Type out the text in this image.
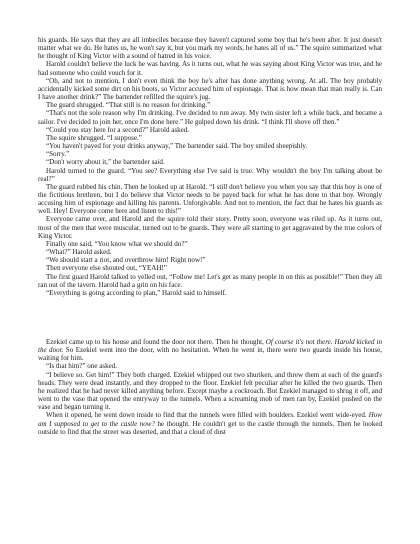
his guards. He says that they are all imbeciles because they haven't captured some boy that he's been after. It just doesn't matter what we do. He hates us, he won't say it, but you mark my words, he hates all of us.” The squire summarized what he thought of King Victor with a sound of hatred in his voice.

Harold couldn't believe the luck he was having. As it turns out, what he was saying about King Victor was true, and he had someone who could vouch for it.

“Oh, and not to mention, I don't even think the boy he's after has done anything wrong. At all. The boy probably accidentally kicked some dirt on his boots, so Victor accused him of espionage. That is how mean that man really is. Can I have another drink?” The bartender refilled the squire's jug.

The guard shrugged. “That still is no reason for drinking.”

“That's not the sole reason why I'm drinking. I've decided to run away. My twin sister left a while back, and became a sailor. I've decided to join her, once I'm done here.” He gulped down his drink. “I think I'll shove off then.”

“Could you stay here for a second?” Harold asked.

The squire shrugged. “I suppose.”

“You haven't payed for your drinks anyway,” The bartender said. The boy smiled sheepishly.

“Sorry.”

“Don't worry about it,” the bartender said.

Harold turned to the guard. “You see? Everything else I've said is true. Why wouldn't the boy I'm talking about be real?”

The guard rubbed his chin. Then he looked up at Harold. “I still don't believe you when you say that this boy is one of the fictitious brethren, but I do believe that Victor needs to be payed back for what he has done to that boy. Wrongly accusing him of espionage and killing his parents. Unforgivable. And not to mention, the fact that he hates his guards as well. Hey! Everyone come here and listen to this!”

Everyone came over, and Harold and the squire told their story. Pretty soon, everyone was riled up. As it turns out, most of the men that were muscular, turned out to be guards. They were all starting to get aggravated by the true colors of King Victor.

Finally one said, “You know what we should do?”

“What?” Harold asked.

“We should start a riot, and overthrow him! Right now!”

Then everyone else shouted out, “YEAH!”

The first guard Harold talked to yelled out, “Follow me! Let's get as many people in on this as possible!” Then they all ran out of the tavern. Harold had a grin on his face.

“Everything is going according to plan,” Harold said to himself.

Ezekiel came up to his house and found the door not there. Then he thought, Of course it's not there. Harold kicked in the door. So Ezekiel went into the door, with no hesitation. When he went in, there were two guards inside his house, waiting for him.

“Is that him?” one asked.

“I believe so. Get him!” They both charged. Ezekiel whipped out two shuriken, and threw them at each of the guard's heads. They were dead instantly, and they dropped to the floor. Ezekiel felt peculiar after he killed the two guards. Then he realized that he had never killed anything before. Except maybe a cockroach. But Ezekiel managed to shrug it off, and went to the vase that opened the entryway to the tunnels. When a screaming mob of men ran by, Ezekiel pushed on the vase and began turning it.

When it opened, he went down inside to find that the tunnels were filled with boulders. Ezekiel went wide-eyed. How am I supposed to get to the castle now? he thought. He couldn't get to the castle through the tunnels. Then he looked outside to find that the street was deserted, and that a cloud of dust
